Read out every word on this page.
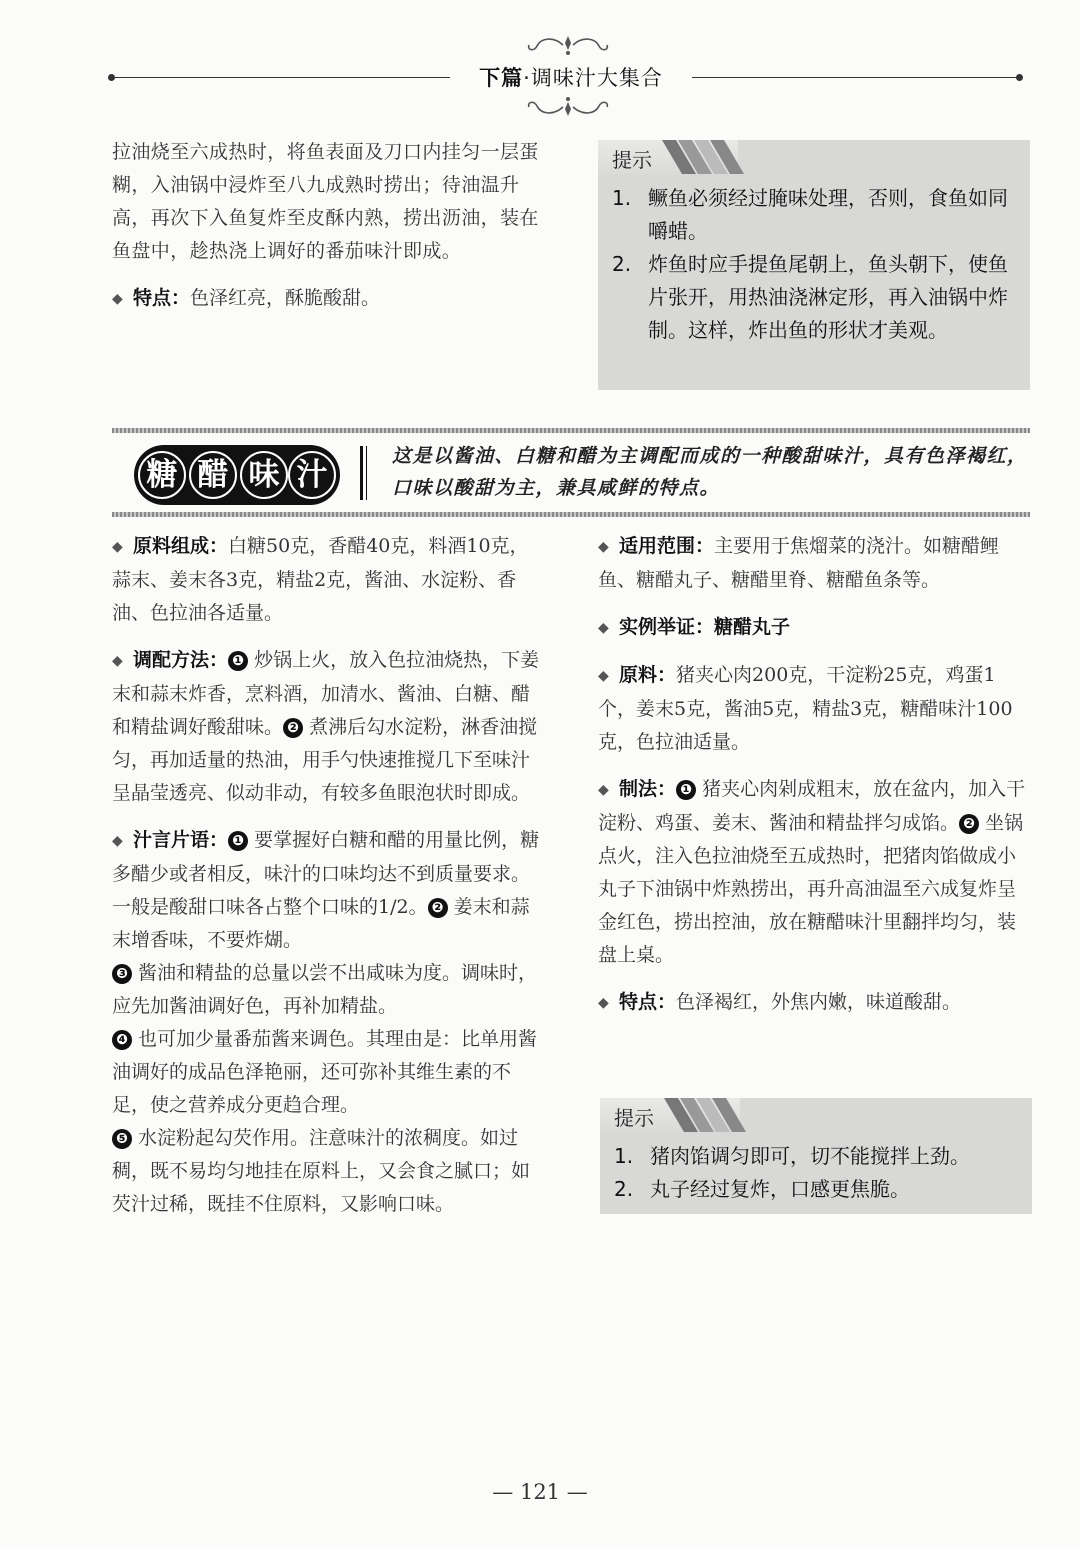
下篇·调味汁大集合

拉油烧至六成热时，将鱼表面及刀口内挂匀一层蛋糊，入油锅中浸炸至八九成熟时捞出；待油温升高，再次下入鱼复炸至皮酥内熟，捞出沥油，装在鱼盘中，趁热浇上调好的番茄味汁即成。

◆ 特点：色泽红亮，酥脆酸甜。

提示
1. 鳜鱼必须经过腌味处理，否则，食鱼如同嚼蜡。
2. 炸鱼时应手提鱼尾朝上，鱼头朝下，使鱼片张开，用热油浇淋定形，再入油锅中炸制。这样，炸出鱼的形状才美观。
糖 醋 味 汁
这是以酱油、白糖和醋为主调配而成的一种酸甜味汁，具有色泽褐红，口味以酸甜为主，兼具咸鲜的特点。

◆ 原料组成：白糖50克，香醋40克，料酒10克，蒜末、姜末各3克，精盐2克，酱油、水淀粉、香油、色拉油各适量。

◆ 调配方法： ❶ 炒锅上火，放入色拉油烧热，下姜末和蒜末炸香，烹料酒，加清水、酱油、白糖、醋和精盐调好酸甜味。 ❷ 煮沸后勾水淀粉，淋香油搅匀，再加适量的热油，用手勺快速推搅几下至味汁呈晶莹透亮、似动非动，有较多鱼眼泡状时即成。

◆ 汁言片语： ❶ 要掌握好白糖和醋的用量比例，糖多醋少或者相反，味汁的口味均达不到质量要求。一般是酸甜口味各占整个口味的1/2。 ❷ 姜末和蒜末增香味，不要炸煳。
❸ 酱油和精盐的总量以尝不出咸味为度。调味时，应先加酱油调好色，再补加精盐。
❹ 也可加少量番茄酱来调色。其理由是：比单用酱油调好的成品色泽艳丽，还可弥补其维生素的不足，使之营养成分更趋合理。
❺ 水淀粉起勾芡作用。注意味汁的浓稠度。如过稠，既不易均匀地挂在原料上，又会食之腻口；如芡汁过稀，既挂不住原料，又影响口味。

◆ 适用范围：主要用于焦熘菜的浇汁。如糖醋鲤鱼、糖醋丸子、糖醋里脊、糖醋鱼条等。

◆ 实例举证：糖醋丸子

◆ 原料：猪夹心肉200克，干淀粉25克，鸡蛋1个，姜末5克，酱油5克，精盐3克，糖醋味汁100克，色拉油适量。

◆ 制法： ❶ 猪夹心肉剁成粗末，放在盆内，加入干淀粉、鸡蛋、姜末、酱油和精盐拌匀成馅。 ❷ 坐锅点火，注入色拉油烧至五成热时，把猪肉馅做成小丸子下油锅中炸熟捞出，再升高油温至六成复炸呈金红色，捞出控油，放在糖醋味汁里翻拌均匀，装盘上桌。

◆ 特点：色泽褐红，外焦内嫩，味道酸甜。

提示
1. 猪肉馅调匀即可，切不能搅拌上劲。
2. 丸子经过复炸，口感更焦脆。
— 121 —
